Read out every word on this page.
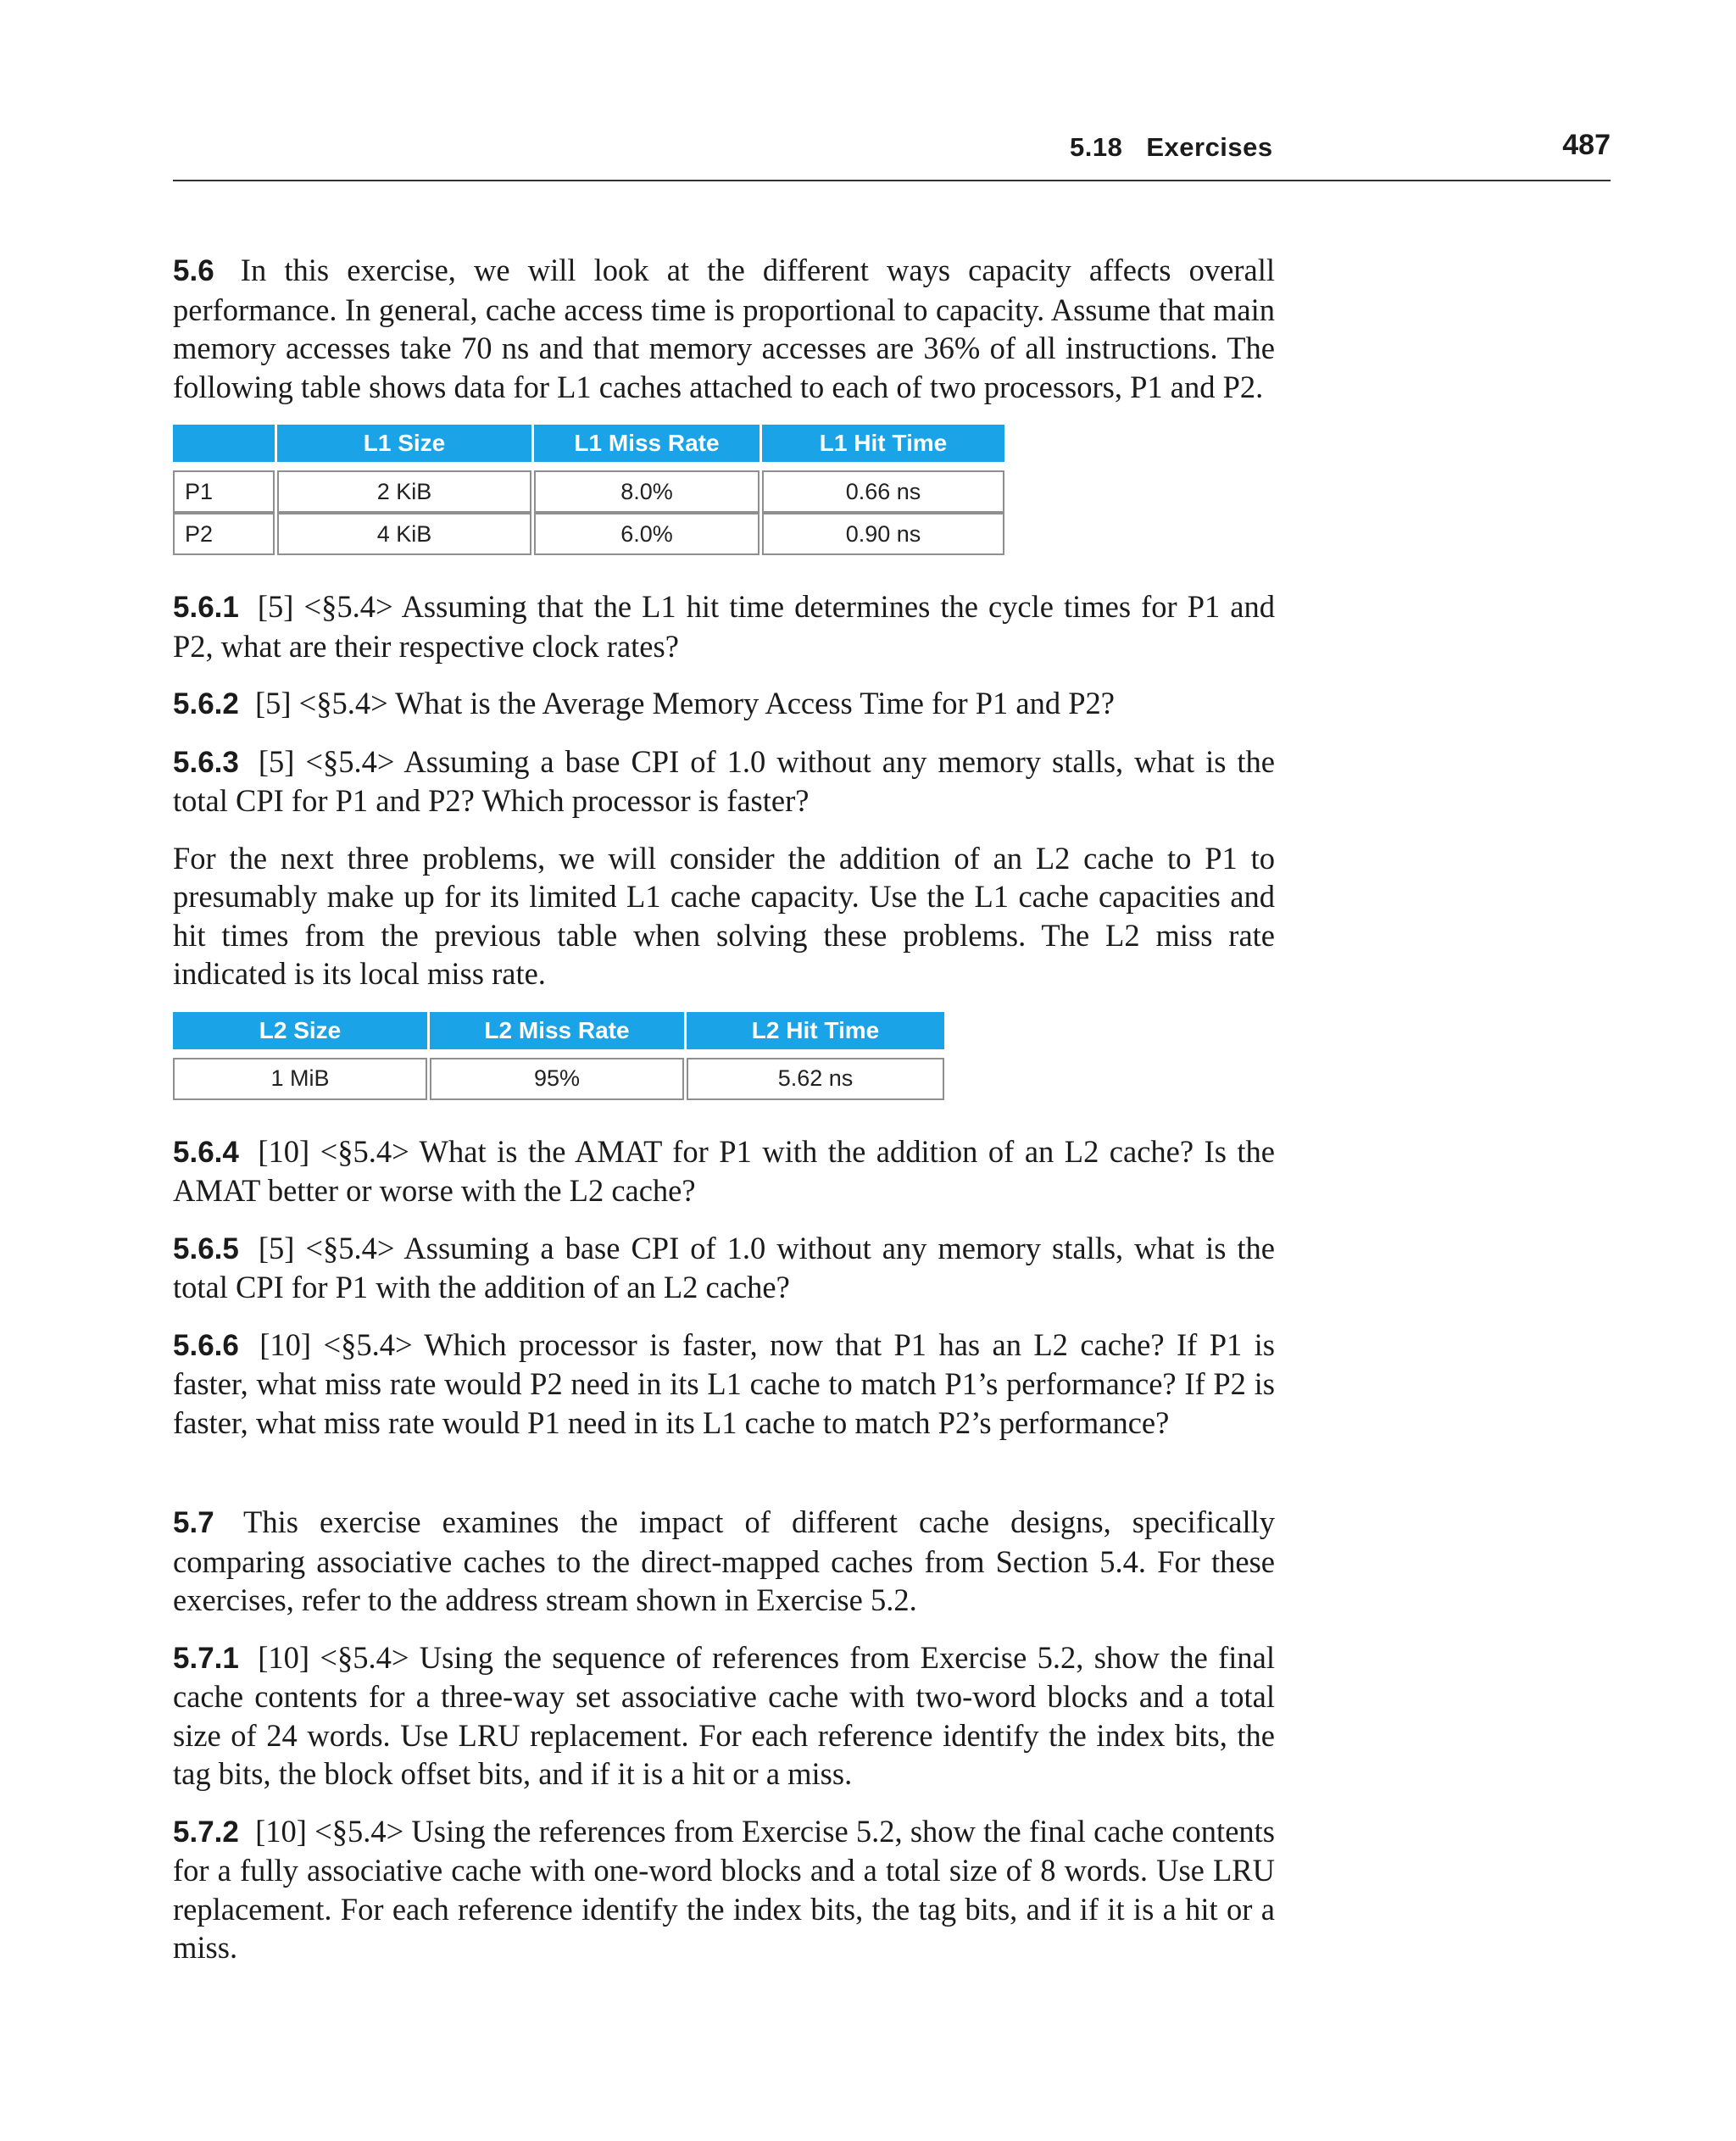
5.18 Exercises	487

5.6 In this exercise, we will look at the different ways capacity affects overall performance. In general, cache access time is proportional to capacity. Assume that main memory accesses take 70 ns and that memory accesses are 36% of all instructions. The following table shows data for L1 caches attached to each of two processors, P1 and P2.

	L1 Size	L1 Miss Rate	L1 Hit Time

P1	2 KiB	8.0%	0.66 ns
P2	4 KiB	6.0%	0.90 ns

5.6.1 [5] <§5.4> Assuming that the L1 hit time determines the cycle times for P1 and P2, what are their respective clock rates?

5.6.2 [5] <§5.4> What is the Average Memory Access Time for P1 and P2?

5.6.3 [5] <§5.4> Assuming a base CPI of 1.0 without any memory stalls, what is the total CPI for P1 and P2? Which processor is faster?

For the next three problems, we will consider the addition of an L2 cache to P1 to presumably make up for its limited L1 cache capacity. Use the L1 cache capacities and hit times from the previous table when solving these problems. The L2 miss rate indicated is its local miss rate.

L2 Size	L2 Miss Rate	L2 Hit Time

1 MiB	95%	5.62 ns

5.6.4 [10] <§5.4> What is the AMAT for P1 with the addition of an L2 cache? Is the AMAT better or worse with the L2 cache?

5.6.5 [5] <§5.4> Assuming a base CPI of 1.0 without any memory stalls, what is the total CPI for P1 with the addition of an L2 cache?

5.6.6 [10] <§5.4> Which processor is faster, now that P1 has an L2 cache? If P1 is faster, what miss rate would P2 need in its L1 cache to match P1’s performance? If P2 is faster, what miss rate would P1 need in its L1 cache to match P2’s performance?

5.7 This exercise examines the impact of different cache designs, specifically comparing associative caches to the direct-mapped caches from Section 5.4. For these exercises, refer to the address stream shown in Exercise 5.2.

5.7.1 [10] <§5.4> Using the sequence of references from Exercise 5.2, show the final cache contents for a three-way set associative cache with two-word blocks and a total size of 24 words. Use LRU replacement. For each reference identify the index bits, the tag bits, the block offset bits, and if it is a hit or a miss.

5.7.2 [10] <§5.4> Using the references from Exercise 5.2, show the final cache contents for a fully associative cache with one-word blocks and a total size of 8 words. Use LRU replacement. For each reference identify the index bits, the tag bits, and if it is a hit or a miss.
